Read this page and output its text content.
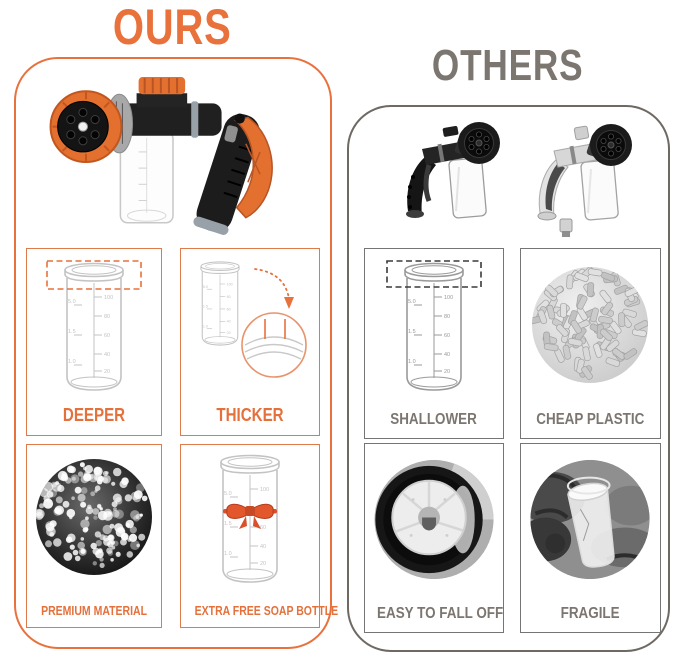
OURS
DEEPER	THICKER
PREMIUM MATERIAL	EXTRA FREE SOAP BOTTLE
OTHERS
SHALLOWER	CHEAP PLASTIC
EASY TO FALL OFF	FRAGILE
